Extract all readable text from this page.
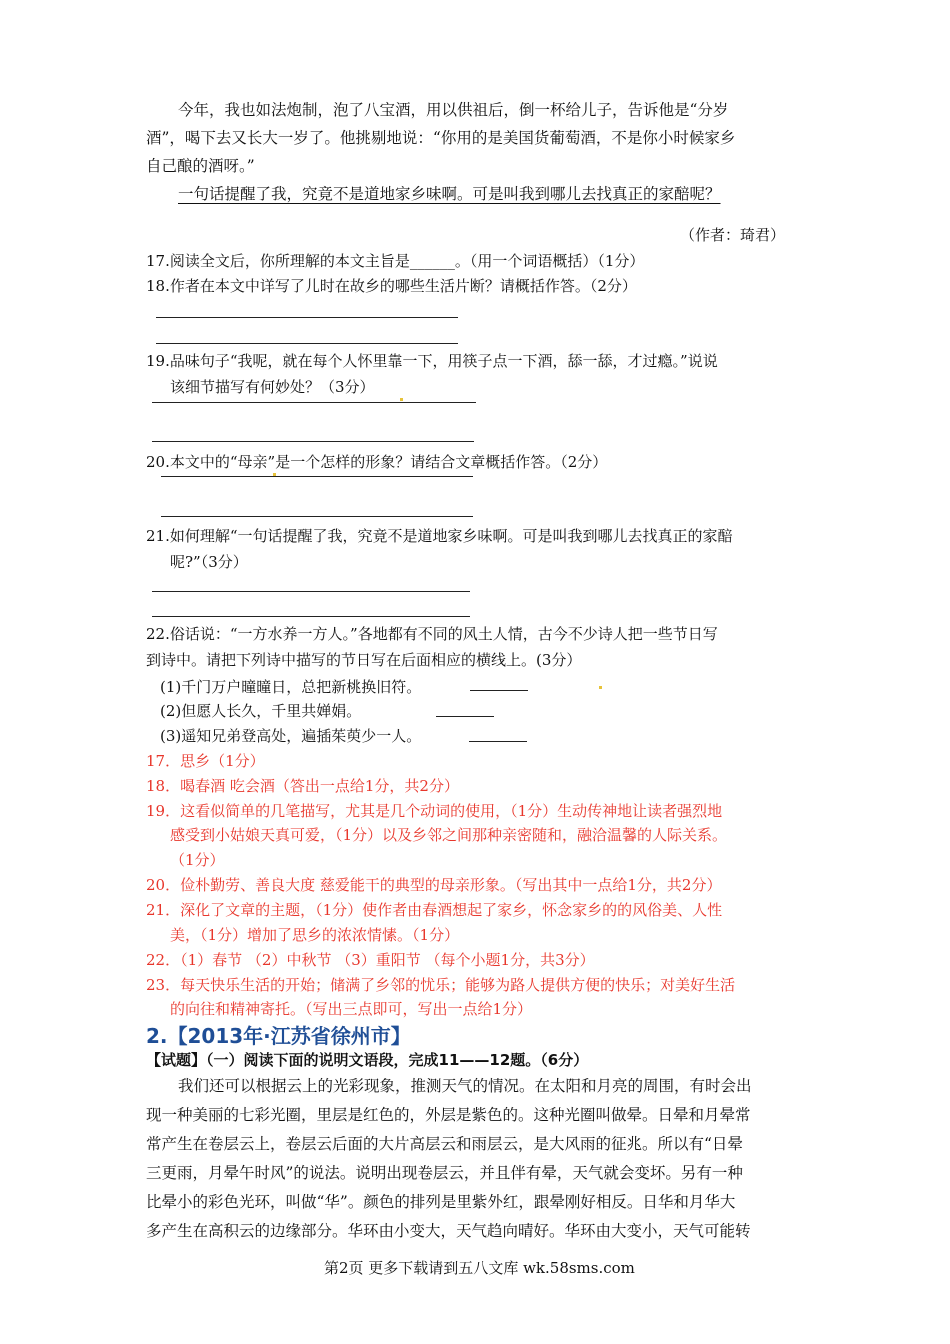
今年，我也如法炮制，泡了八宝酒，用以供祖后，倒一杯给儿子，告诉他是“分岁
酒”，喝下去又长大一岁了。他挑剔地说：“你用的是美国货葡萄酒，不是你小时候家乡
自己酿的酒呀。”
一句话提醒了我，究竟不是道地家乡味啊。可是叫我到哪儿去找真正的家醅呢？
（作者：琦君）
17.阅读全文后，你所理解的本文主旨是______。（用一个词语概括）（1分）
18.作者在本文中详写了儿时在故乡的哪些生活片断？请概括作答。（2分）
19.品味句子“我呢，就在每个人怀里靠一下，用筷子点一下酒，舔一舔，才过瘾。”说说
该细节描写有何妙处？（3分）
20.本文中的“母亲”是一个怎样的形象？请结合文章概括作答。（2分）
21.如何理解“一句话提醒了我，究竟不是道地家乡味啊。可是叫我到哪儿去找真正的家醅
呢?”（3分）
22.俗话说：“一方水养一方人。”各地都有不同的风土人情，古今不少诗人把一些节日写
到诗中。请把下列诗中描写的节日写在后面相应的横线上。(3分）
(1)千门万户曈曈日，总把新桃换旧符。
(2)但愿人长久，千里共婵娟。
(3)遥知兄弟登高处，遍插茱萸少一人。
17．思乡（1分）
18．喝春酒 吃会酒（答出一点给1分，共2分）
19．这看似简单的几笔描写，尤其是几个动词的使用，（1分）生动传神地让读者强烈地
感受到小姑娘天真可爱，（1分）以及乡邻之间那种亲密随和，融洽温馨的人际关系。
（1分）
20．俭朴勤劳、善良大度 慈爱能干的典型的母亲形象。（写出其中一点给1分，共2分）
21．深化了文章的主题，（1分）使作者由春酒想起了家乡，怀念家乡的的风俗美、人性
美，（1分）增加了思乡的浓浓情愫。（1分）
22．（1）春节 （2）中秋节 （3）重阳节 （每个小题1分，共3分）
23．每天快乐生活的开始；储满了乡邻的忧乐；能够为路人提供方便的快乐；对美好生活
的向往和精神寄托。（写出三点即可，写出一点给1分）
2.【2013年·江苏省徐州市】
【试题】（一）阅读下面的说明文语段，完成11——12题。（6分）
我们还可以根据云上的光彩现象，推测天气的情况。在太阳和月亮的周围，有时会出
现一种美丽的七彩光圈，里层是红色的，外层是紫色的。这种光圈叫做晕。日晕和月晕常
常产生在卷层云上，卷层云后面的大片高层云和雨层云，是大风雨的征兆。所以有“日晕
三更雨，月晕午时风”的说法。说明出现卷层云，并且伴有晕，天气就会变坏。另有一种
比晕小的彩色光环，叫做“华”。颜色的排列是里紫外红，跟晕刚好相反。日华和月华大
多产生在高积云的边缘部分。华环由小变大，天气趋向晴好。华环由大变小，天气可能转
第2页 更多下载请到五八文库 wk.58sms.com
